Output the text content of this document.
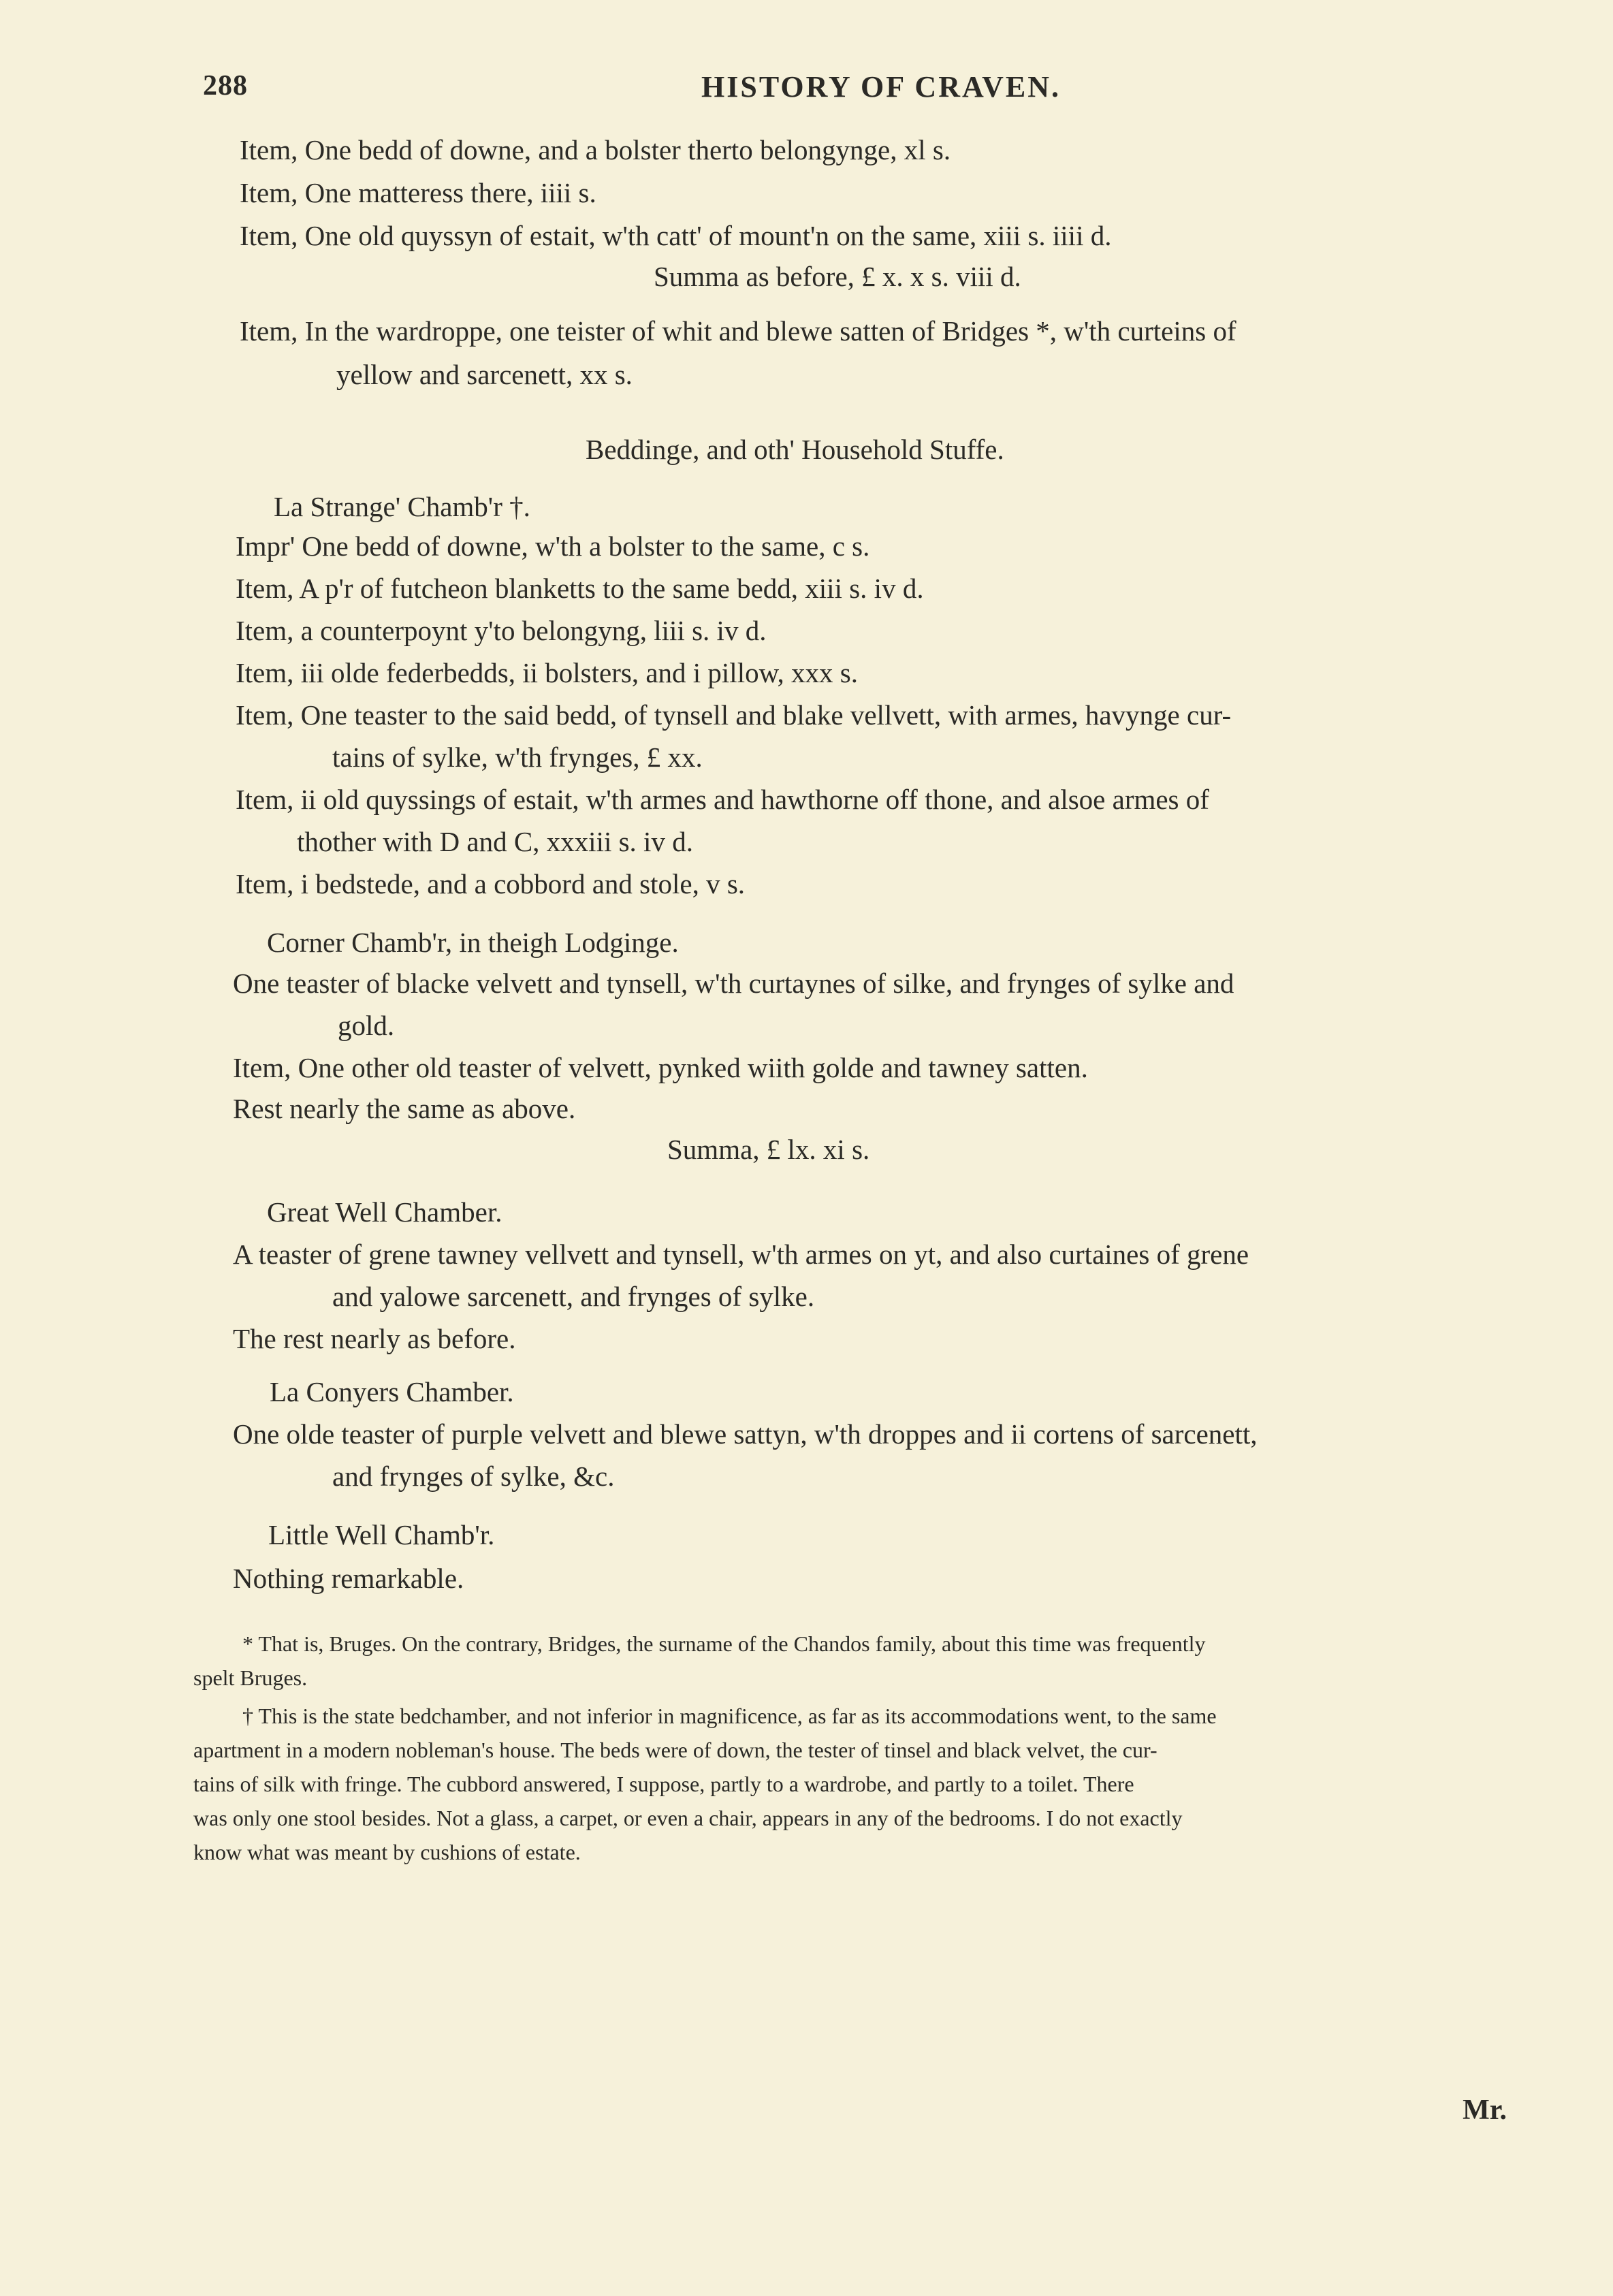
288	HISTORY OF CRAVEN.
Item, One bedd of downe, and a bolster therto belongynge, xl s.
Item, One matteress there, iiii s.
Item, One old quyssyn of estait, w'th catt' of mount'n on the same, xiii s. iiii d.
Summa as before, £ x. x s. viii d.
Item, In the wardroppe, one teister of whit and blewe satten of Bridges *, w'th curteins of
yellow and sarcenett, xx s.
Beddinge, and oth' Household Stuffe.
La Strange' Chamb'r †.
Impr' One bedd of downe, w'th a bolster to the same, c s.
Item, A p'r of futcheon blanketts to the same bedd, xiii s. iv d.
Item, a counterpoynt y'to belongyng, liii s. iv d.
Item, iii olde federbedds, ii bolsters, and i pillow, xxx s.
Item, One teaster to the said bedd, of tynsell and blake vellvett, with armes, havynge cur-
tains of sylke, w'th frynges, £ xx.
Item, ii old quyssings of estait, w'th armes and hawthorne off thone, and alsoe armes of
thother with D and C, xxxiii s. iv d.
Item, i bedstede, and a cobbord and stole, v s.
Corner Chamb'r, in theigh Lodginge.
One teaster of blacke velvett and tynsell, w'th curtaynes of silke, and frynges of sylke and
gold.
Item, One other old teaster of velvett, pynked wiith golde and tawney satten.
Rest nearly the same as above.
Summa, £ lx. xi s.
Great Well Chamber.
A teaster of grene tawney vellvett and tynsell, w'th armes on yt, and also curtaines of grene
and yalowe sarcenett, and frynges of sylke.
The rest nearly as before.
La Conyers Chamber.
One olde teaster of purple velvett and blewe sattyn, w'th droppes and ii cortens of sarcenett,
and frynges of sylke, &c.
Little Well Chamb'r.
Nothing remarkable.
* That is, Bruges. On the contrary, Bridges, the surname of the Chandos family, about this time was frequently
spelt Bruges.
† This is the state bedchamber, and not inferior in magnificence, as far as its accommodations went, to the same
apartment in a modern nobleman's house. The beds were of down, the tester of tinsel and black velvet, the cur-
tains of silk with fringe. The cubbord answered, I suppose, partly to a wardrobe, and partly to a toilet. There
was only one stool besides. Not a glass, a carpet, or even a chair, appears in any of the bedrooms. I do not exactly
know what was meant by cushions of estate.
Mr.
